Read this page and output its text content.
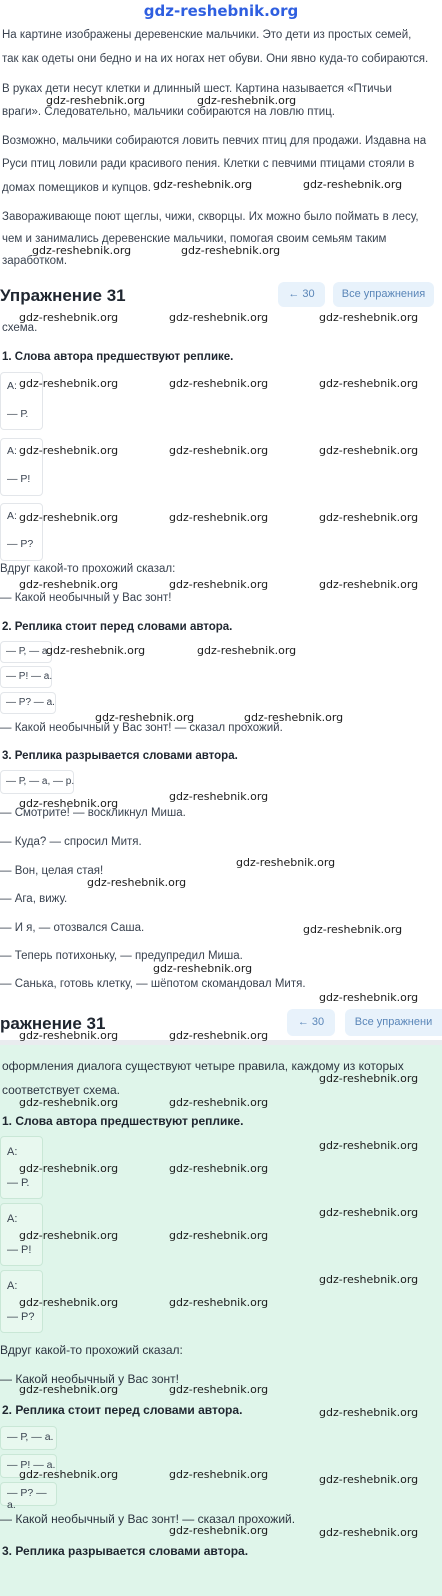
gdz-reshebnik.org
На картине изображены деревенские мальчики. Это дети из простых семей,
так как одеты они бедно и на их ногах нет обуви. Они явно куда-то собираются.
В руках дети несут клетки и длинный шест. Картина называется «Птичьи
враги». Следовательно, мальчики собираются на ловлю птиц.
Возможно, мальчики собираются ловить певчих птиц для продажи. Издавна на
Руси птиц ловили ради красивого пения. Клетки с певчими птицами стояли в
домах помещиков и купцов.
Завораживающе поют щеглы, чижи, скворцы. Их можно было поймать в лесу,
чем и занимались деревенские мальчики, помогая своим семьям таким
заработком.
Упражнение 31	← 30	Все упражнения
схема.
1. Слова автора предшествуют реплике.
А:
— Р.
А:
— Р!
А:
— Р?
Вдруг какой-то прохожий сказал:
— Какой необычный у Вас зонт!
2. Реплика стоит перед словами автора.
— Р, — а.
— Р! — а.
— Р? — а.
— Какой необычный у Вас зонт! — сказал прохожий.
3. Реплика разрывается словами автора.
— Р, — а, — р.
— Смотрите! — воскликнул Миша.
— Куда? — спросил Митя.
— Вон, целая стая!
— Ага, вижу.
— И я, — отозвался Саша.
— Теперь потихоньку, — предупредил Миша.
— Санька, готовь клетку, — шёпотом скомандовал Митя.
ражнение 31	← 30	Все упражнени
оформления диалога существуют четыре правила, каждому из которых
соответствует схема.
1. Слова автора предшествуют реплике.
А:
— Р.
А:
— Р!
А:
— Р?
Вдруг какой-то прохожий сказал:
— Какой необычный у Вас зонт!
2. Реплика стоит перед словами автора.
— Р, — а.
— Р! — а.
— Р? — а.
— Какой необычный у Вас зонт! — сказал прохожий.
3. Реплика разрывается словами автора.
gdz-reshebnik.org	gdz-reshebnik.org
gdz-reshebnik.org	gdz-reshebnik.org
gdz-reshebnik.org	gdz-reshebnik.org
gdz-reshebnik.org	gdz-reshebnik.org	gdz-reshebnik.org
gdz-reshebnik.org	gdz-reshebnik.org	gdz-reshebnik.org
gdz-reshebnik.org	gdz-reshebnik.org	gdz-reshebnik.org
gdz-reshebnik.org	gdz-reshebnik.org	gdz-reshebnik.org
gdz-reshebnik.org	gdz-reshebnik.org	gdz-reshebnik.org
gdz-reshebnik.org	gdz-reshebnik.org
gdz-reshebnik.org	gdz-reshebnik.org
gdz-reshebnik.org
gdz-reshebnik.org
gdz-reshebnik.org
gdz-reshebnik.org
gdz-reshebnik.org
gdz-reshebnik.org
gdz-reshebnik.org
gdz-reshebnik.org	gdz-reshebnik.org
gdz-reshebnik.org
gdz-reshebnik.org	gdz-reshebnik.org
gdz-reshebnik.org
gdz-reshebnik.org	gdz-reshebnik.org
gdz-reshebnik.org
gdz-reshebnik.org	gdz-reshebnik.org
gdz-reshebnik.org
gdz-reshebnik.org	gdz-reshebnik.org
gdz-reshebnik.org	gdz-reshebnik.org
gdz-reshebnik.org
gdz-reshebnik.org	gdz-reshebnik.org	gdz-reshebnik.org
gdz-reshebnik.org	gdz-reshebnik.org
